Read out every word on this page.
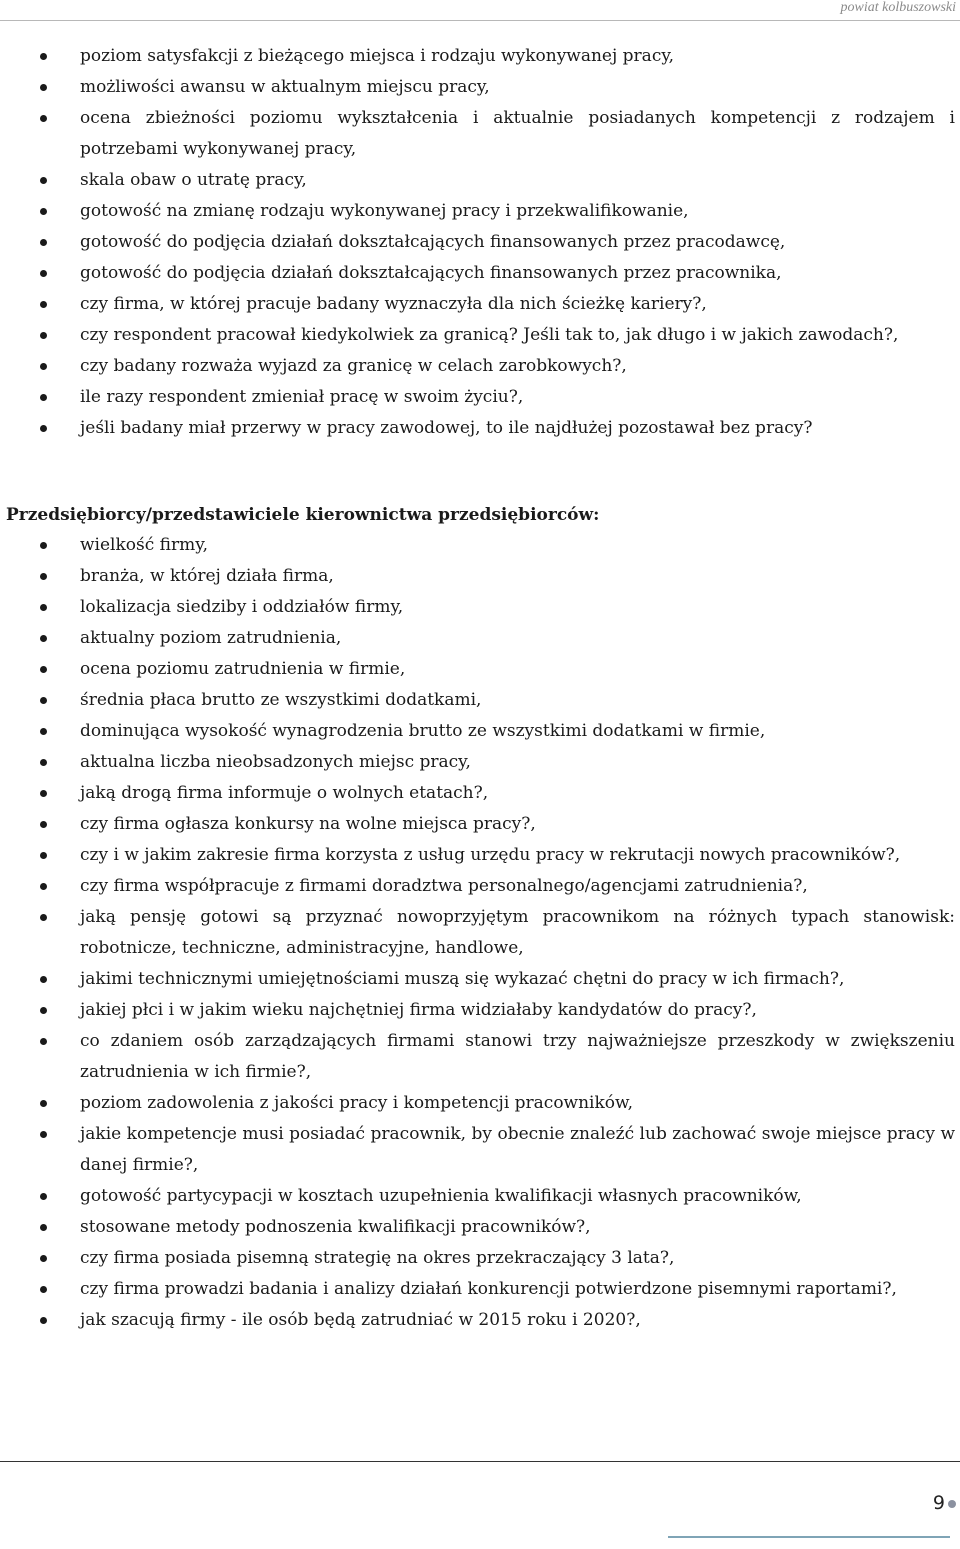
powiat kolbuszowski
poziom satysfakcji z bieżącego miejsca i rodzaju wykonywanej pracy,
możliwości awansu w aktualnym miejscu pracy,
ocena zbieżności poziomu wykształcenia i aktualnie posiadanych kompetencji z rodzajem i potrzebami wykonywanej pracy,
skala obaw o utratę pracy,
gotowość na zmianę rodzaju wykonywanej pracy i przekwalifikowanie,
gotowość do podjęcia działań dokształcających finansowanych przez pracodawcę,
gotowość do podjęcia działań dokształcających finansowanych przez pracownika,
czy firma, w której pracuje badany wyznaczyła dla nich ścieżkę kariery?,
czy respondent pracował kiedykolwiek za granicą? Jeśli tak to, jak długo i w jakich zawodach?,
czy badany rozważa wyjazd za granicę w celach zarobkowych?,
ile razy respondent zmieniał pracę w swoim życiu?,
jeśli badany miał przerwy w pracy zawodowej, to ile najdłużej pozostawał bez pracy?
Przedsiębiorcy/przedstawiciele kierownictwa przedsiębiorców:
wielkość firmy,
branża, w której działa firma,
lokalizacja siedziby i oddziałów firmy,
aktualny poziom zatrudnienia,
ocena poziomu zatrudnienia w firmie,
średnia płaca brutto ze wszystkimi dodatkami,
dominująca wysokość wynagrodzenia brutto ze wszystkimi dodatkami w firmie,
aktualna liczba nieobsadzonych miejsc pracy,
jaką drogą firma informuje o wolnych etatach?,
czy firma ogłasza konkursy na wolne miejsca pracy?,
czy i w jakim zakresie firma korzysta z usług urzędu pracy w rekrutacji nowych pracowników?,
czy firma współpracuje z firmami doradztwa personalnego/agencjami zatrudnienia?,
jaką pensję gotowi są przyznać nowoprzyjętym pracownikom na różnych typach stanowisk: robotnicze, techniczne, administracyjne, handlowe,
jakimi technicznymi umiejętnościami muszą się wykazać chętni do pracy w ich firmach?,
jakiej płci i w jakim wieku najchętniej firma widziałaby kandydatów do pracy?,
co zdaniem osób zarządzających firmami stanowi trzy najważniejsze przeszkody w zwiększeniu zatrudnienia w ich firmie?,
poziom zadowolenia z jakości pracy i kompetencji pracowników,
jakie kompetencje musi posiadać pracownik, by obecnie znaleźć lub zachować swoje miejsce pracy w danej firmie?,
gotowość partycypacji w kosztach uzupełnienia kwalifikacji własnych pracowników,
stosowane metody podnoszenia kwalifikacji pracowników?,
czy firma posiada pisemną strategię na okres przekraczający 3 lata?,
czy firma prowadzi badania i analizy działań konkurencji potwierdzone pisemnymi raportami?,
jak szacują firmy - ile osób będą zatrudniać w 2015 roku i 2020?,
9
